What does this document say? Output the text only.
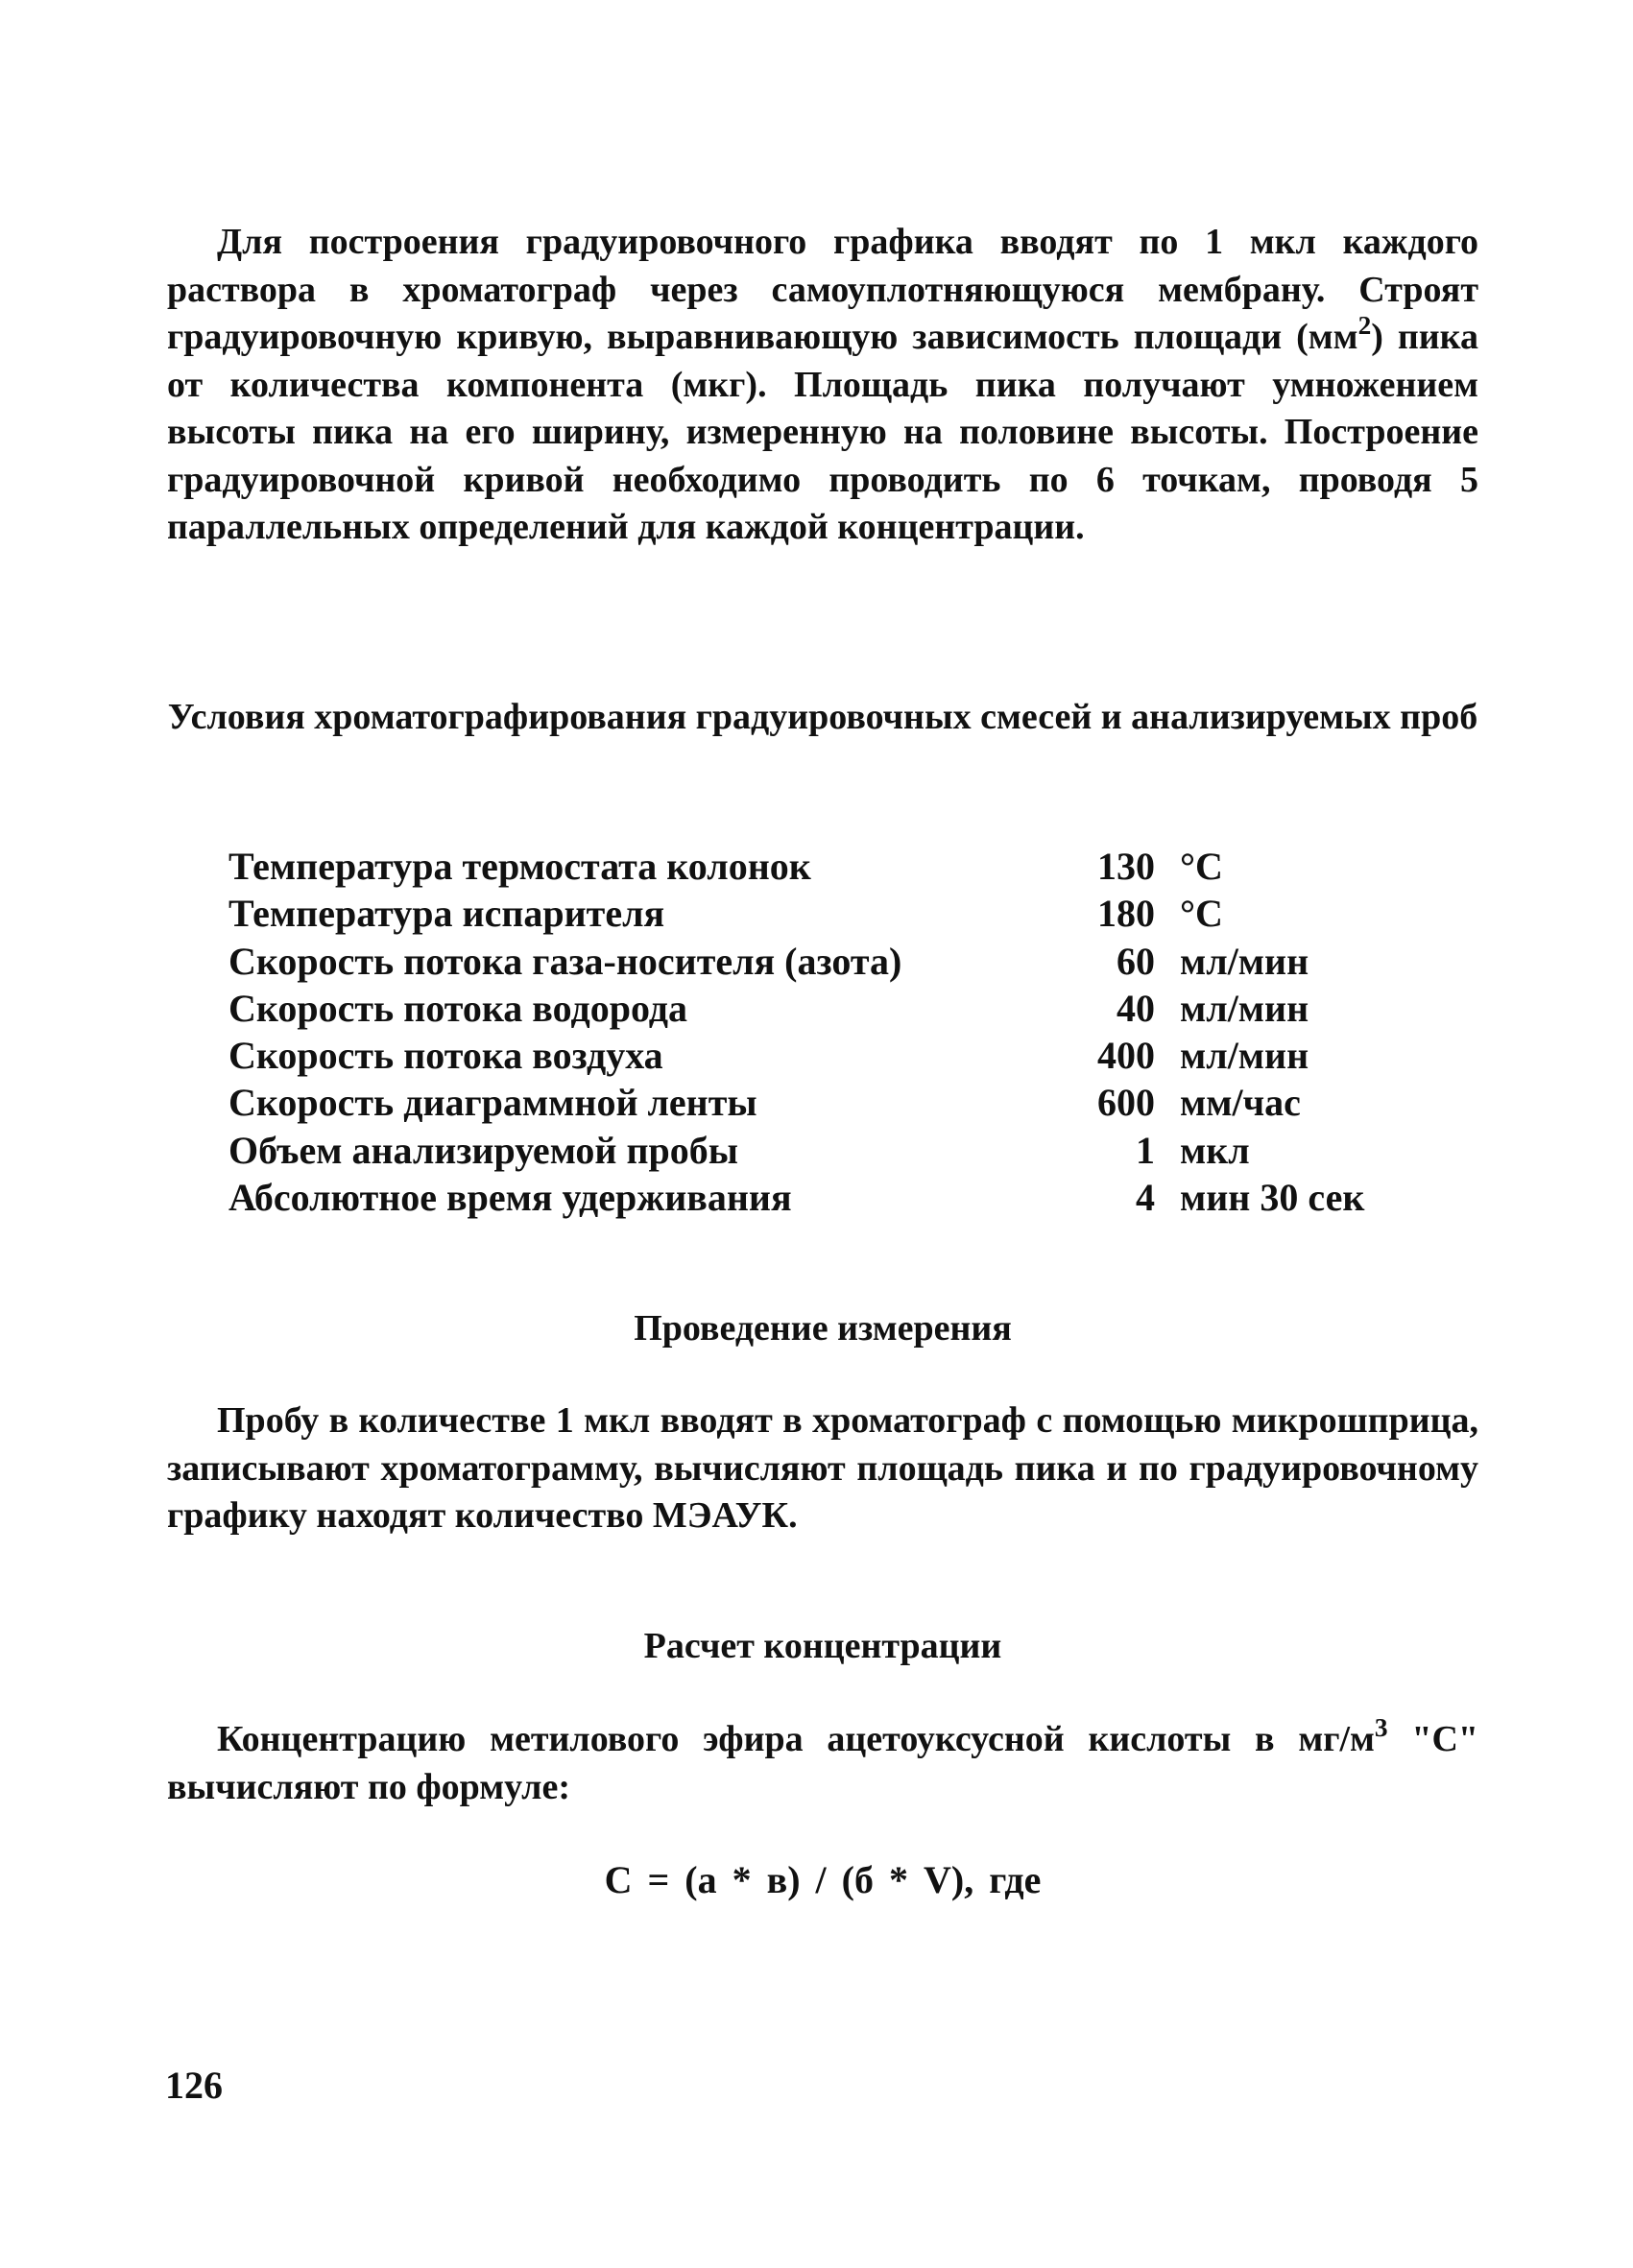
Для построения градуировочного графика вводят по 1 мкл каждого раствора в хроматограф через самоуплотняющуюся мембрану. Строят градуировочную кривую, выравнивающую зависимость площади $(мм^2)$ пика от количества компонента (мкг). Площадь пика получают умножением высоты пика на его ширину, измеренную на половине высоты. Построение градуировочной кривой необходимо проводить по 6 точкам, проводя 5 параллельных определений для каждой концентрации.

Условия хроматографирования градуировочных смесей и анализируемых проб
Температура термостата колонок	130	°C
Температура испарителя	180	°C
Скорость потока газа-носителя (азота)	60	мл/мин
Скорость потока водорода	40	мл/мин
Скорость потока воздуха	400	мл/мин
Скорость диаграммной ленты	600	мм/час
Объем анализируемой пробы	1	мкл
Абсолютное время удерживания	4	мин 30 сек
Проведение измерения

Пробу в количестве 1 мкл вводят в хроматограф с помощью микрошприца, записывают хроматограмму, вычисляют площадь пика и по градуировочному графику находят количество МЭАУК.

Расчет концентрации

Концентрацию метилового эфира ацетоуксусной кислоты в $мг/м^3$ "С" вычисляют по формуле:

С = (а * в) / (б * V), где
126
